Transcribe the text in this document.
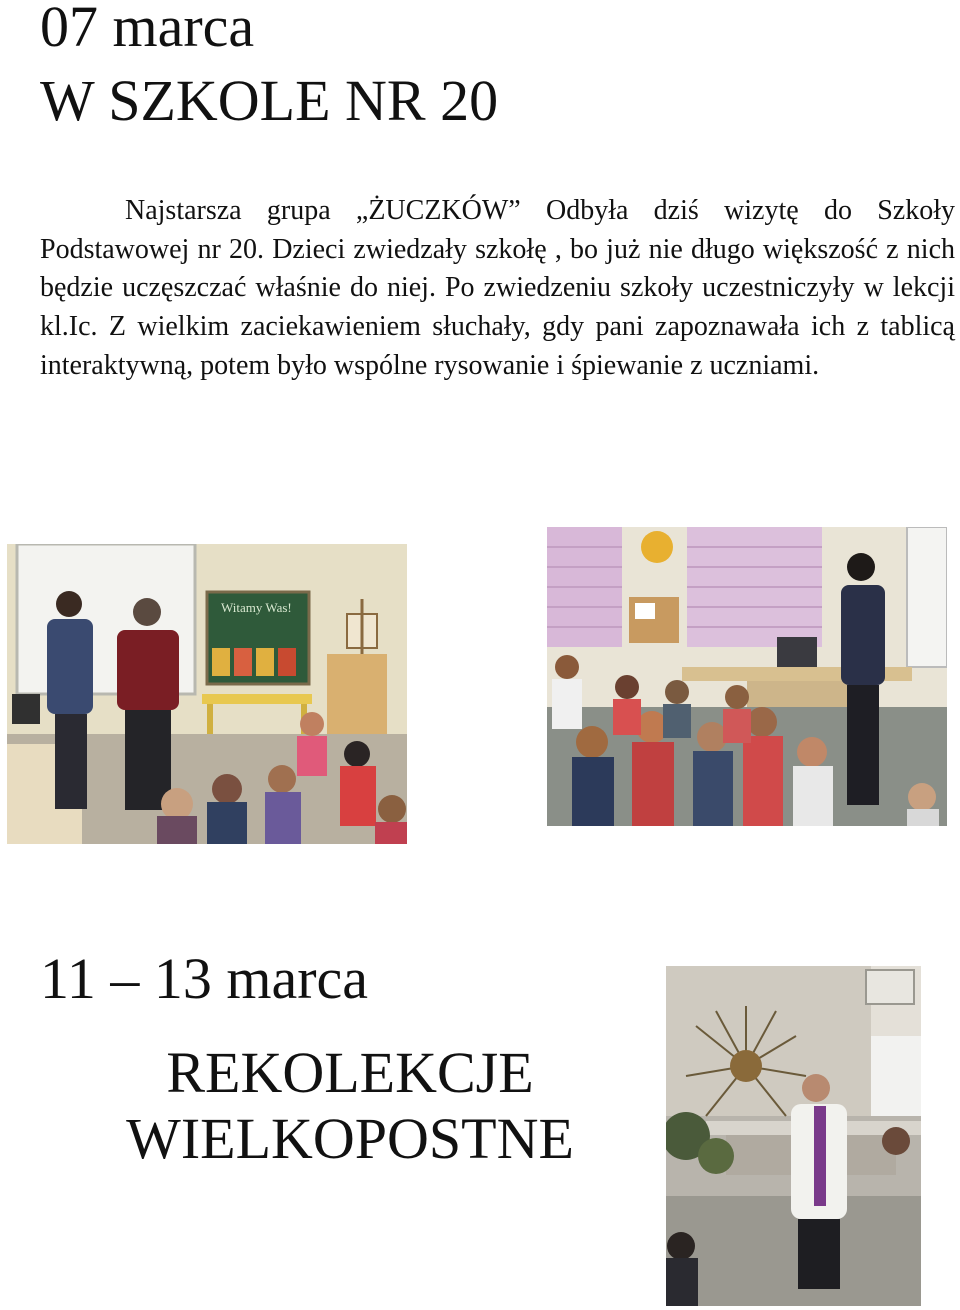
07 marca
W SZKOLE NR 20

Najstarsza grupa „ŻUCZKÓW” Odbyła dziś wizytę do Szkoły Podstawowej nr 20. Dzieci zwiedzały szkołę , bo już nie długo większość z nich będzie uczęszczać właśnie do niej. Po zwiedzeniu szkoły uczestniczyły w lekcji kl.Ic. Z wielkim zaciekawieniem słuchały, gdy pani zapoznawała ich z tablicą interaktywną, potem było wspólne rysowanie i śpiewanie z uczniami.

Witamy Was!
11 – 13 marca
REKOLEKCJE
WIELKOPOSTNE
